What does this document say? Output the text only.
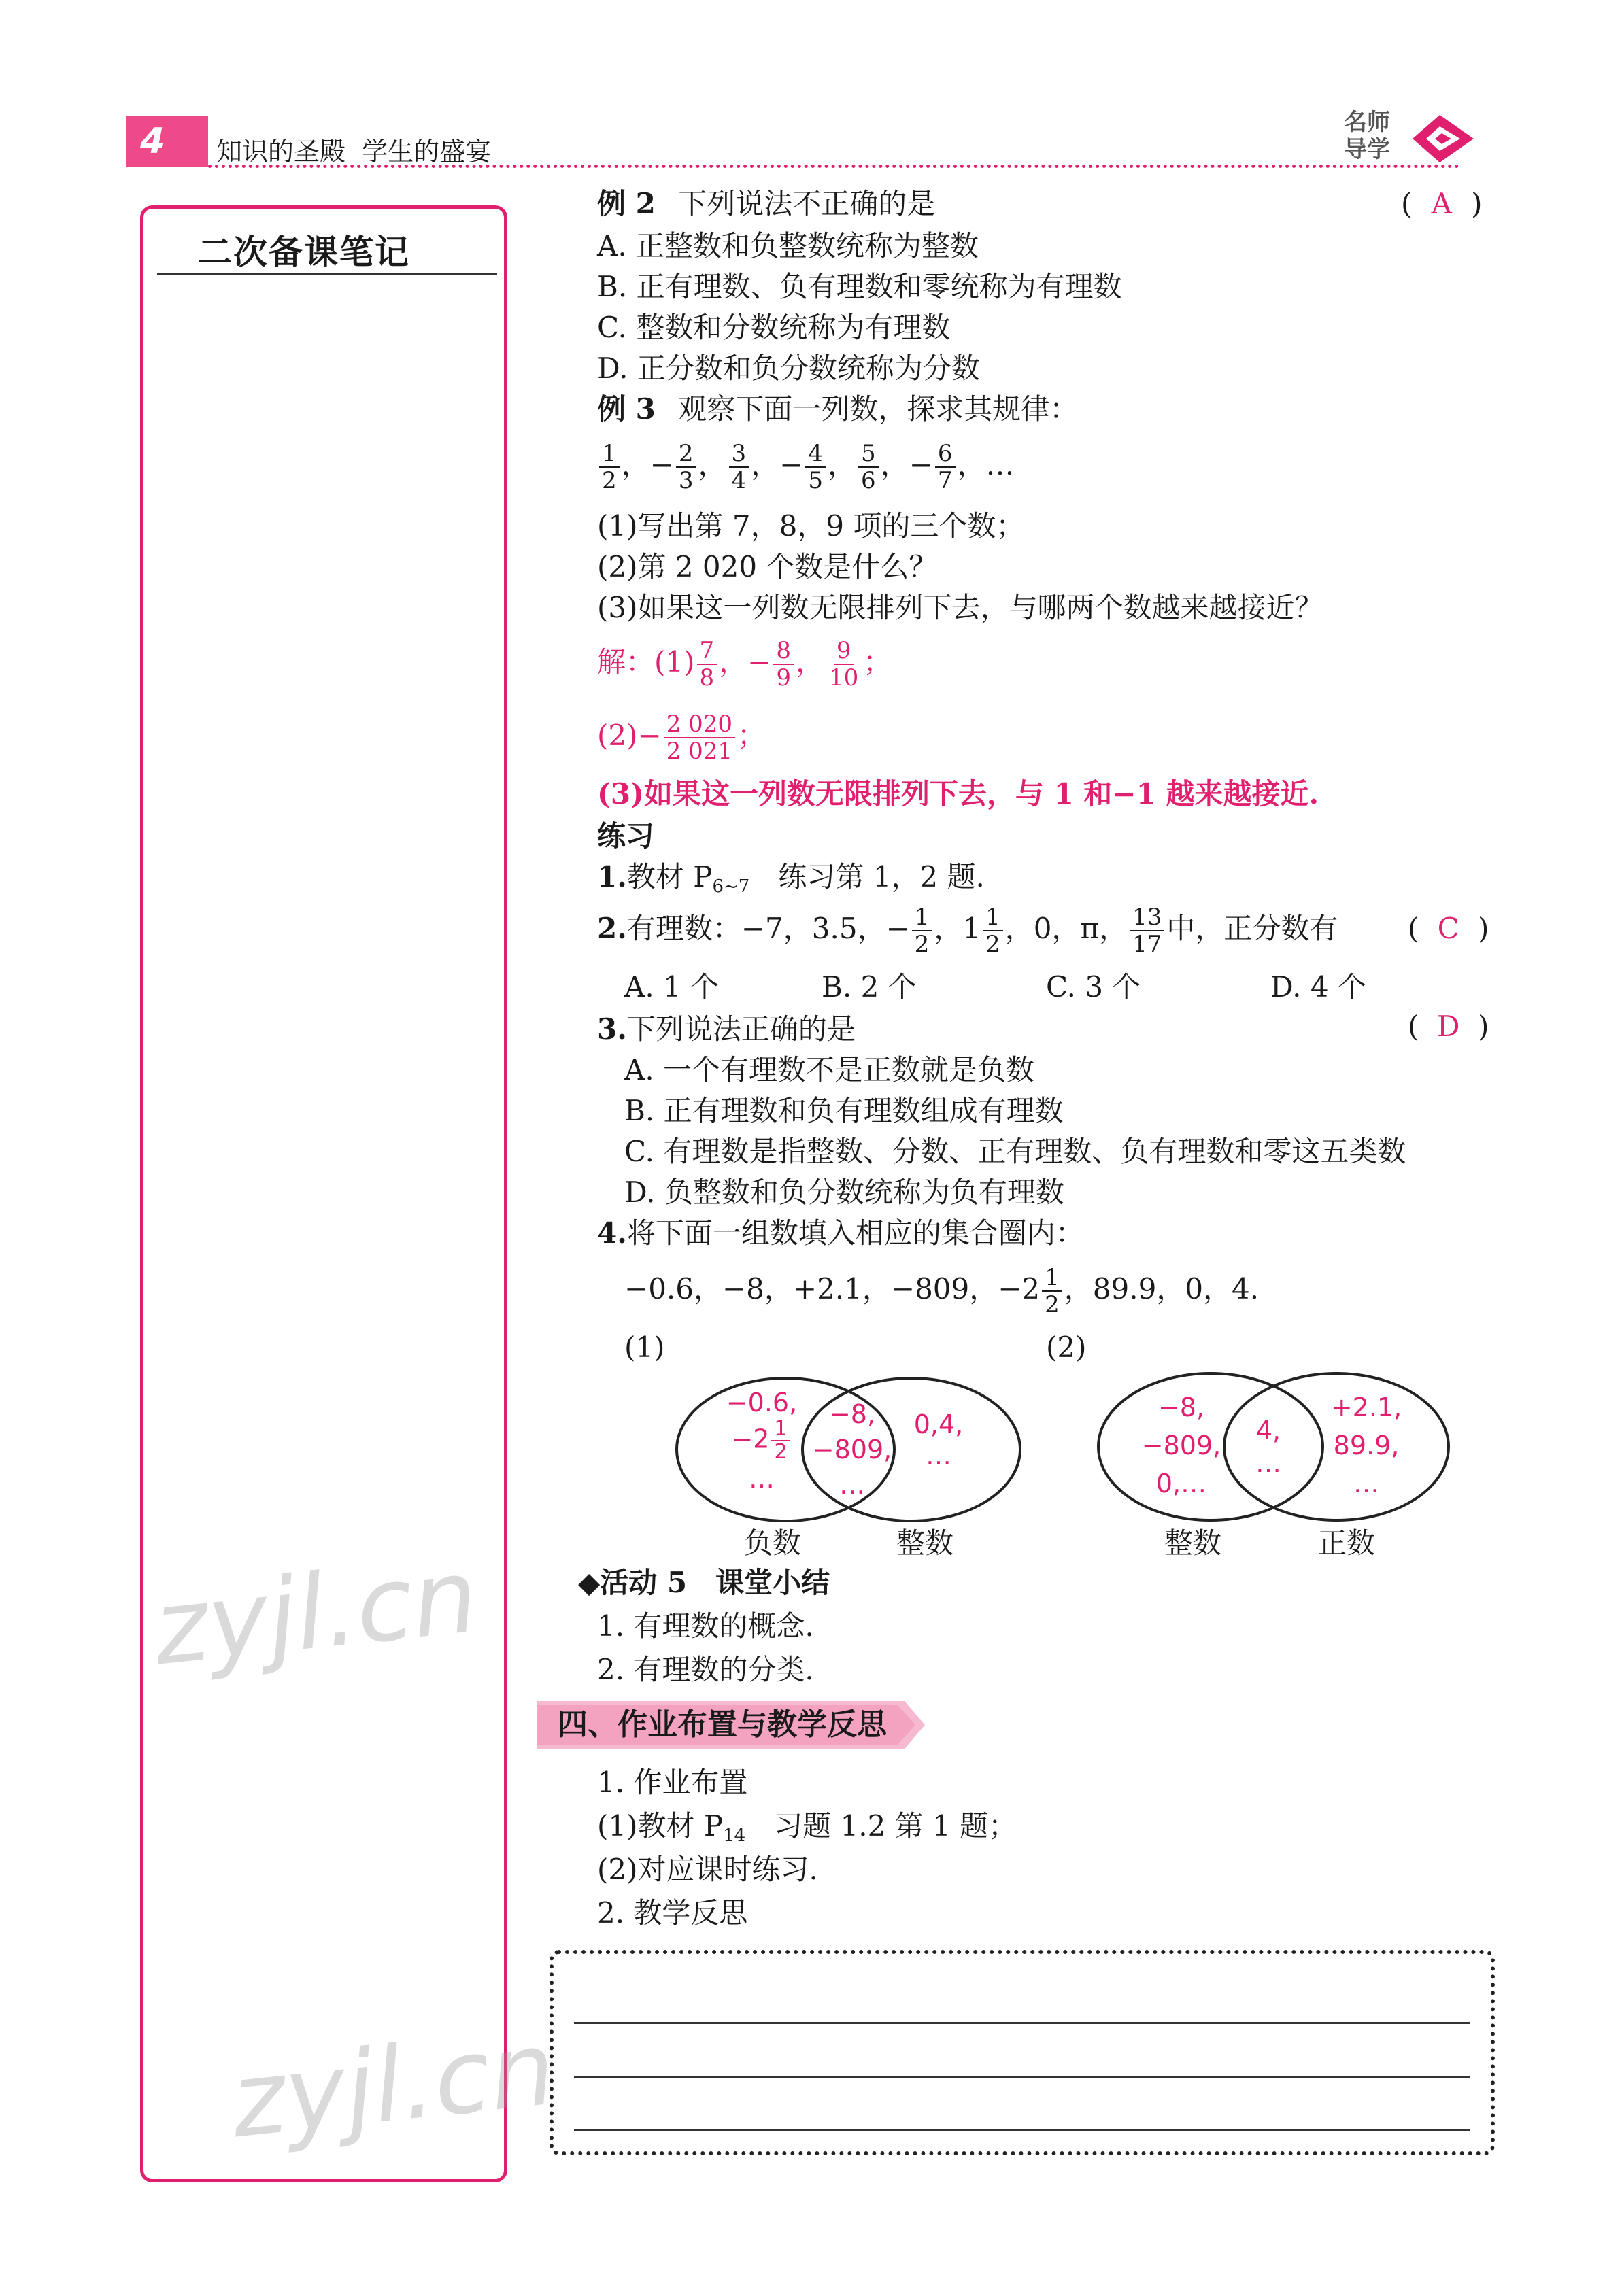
4	知识的圣殿  学生的盛宴
名师
导学
二次备课笔记
zyjl.cn
zyjl.cn
例 2 下列说法不正确的是	( A )
A. 正整数和负整数统称为整数
B. 正有理数、负有理数和零统称为有理数
C. 整数和分数统称为有理数
D. 正分数和负分数统称为分数
例 3 观察下面一列数，探求其规律：
$\frac{1}{2}$ ，− $\frac{2}{3}$ ， $\frac{3}{4}$ ，− $\frac{4}{5}$ ， $\frac{5}{6}$ ，− $\frac{6}{7}$ ，…
(1)写出第 7，8，9 项的三个数；
(2)第 2 020 个数是什么？
(3)如果这一列数无限排列下去，与哪两个数越来越接近？
解：$(1) \frac{7}{8}$ ，− $\frac{8}{9}$ ， $\frac{9}{10}$ ；
$(2)- \frac{2 020}{2 021}$ ；
(3)如果这一列数无限排列下去，与 1 和−1 越来越接近.
练习
1.教材 $P_{6\sim 7}$　练习第 1，2 题.
2.有理数：−7，3.5，− $\frac{1}{2}$ ，$1 \frac{1}{2}$ ，0，π， $\frac{13}{17}$ 中，正分数有 ( C )
A. 1 个	B. 2 个	C. 3 个	D. 4 个
3.下列说法正确的是	( D )
A. 一个有理数不是正数就是负数
B. 正有理数和负有理数组成有理数
C. 有理数是指整数、分数、正有理数、负有理数和零这五类数
D. 负整数和负分数统称为负有理数
4.将下面一组数填入相应的集合圈内：
−0.6，−8，+2.1，−809，$-2 \frac{1}{2}$ ，89.9，0，4.
(1)
−0.6,
$-2 \frac{1}{2}$
…
−8,
−809,
…
0,4,
…
负数	整数
(2)
−8,
−809,
0,…
4,
…
+2.1,
89.9,
…
整数	正数
◆活动 5　课堂小结
1. 有理数的概念.
2. 有理数的分类.
四、作业布置与教学反思
1. 作业布置
(1)教材 $P_{14}$　习题 1.2 第 1 题；
(2)对应课时练习.
2. 教学反思
